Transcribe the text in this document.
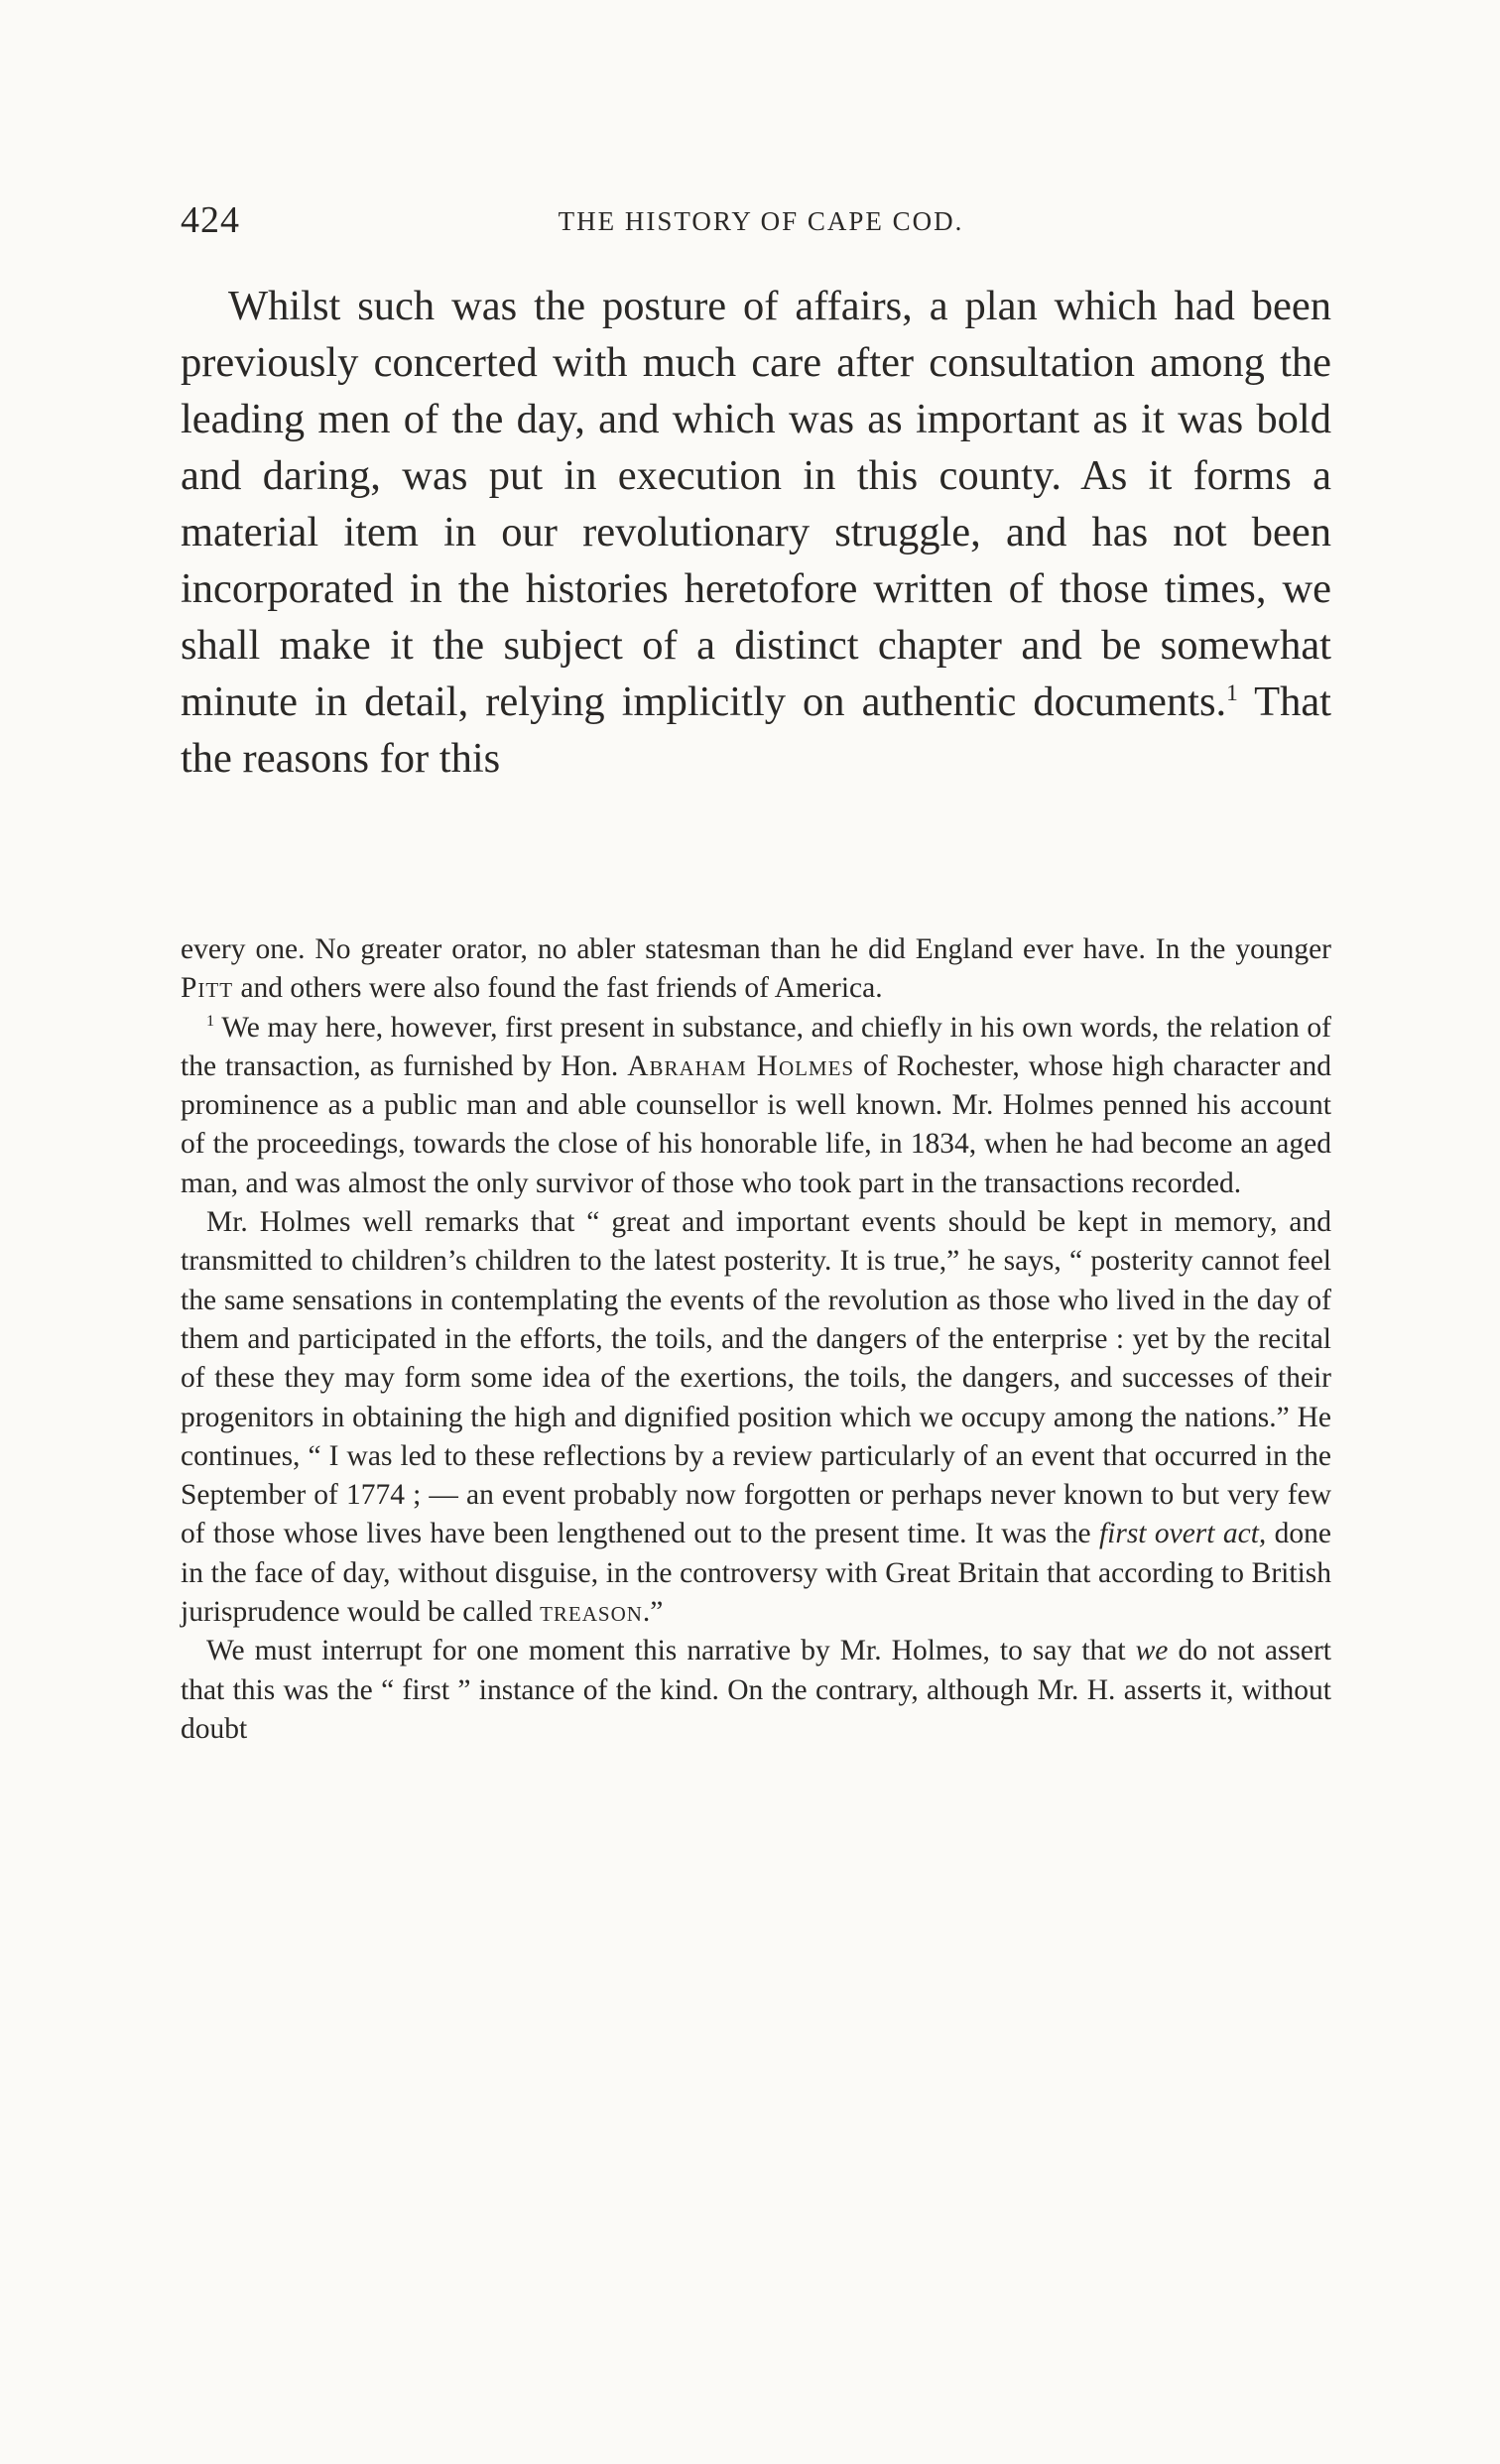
424	THE HISTORY OF CAPE COD.

Whilst such was the posture of affairs, a plan which had been previously concerted with much care after consultation among the leading men of the day, and which was as important as it was bold and daring, was put in execution in this county. As it forms a material item in our revolutionary struggle, and has not been incorporated in the histories heretofore written of those times, we shall make it the subject of a distinct chapter and be somewhat minute in detail, relying implicitly on authentic documents.$^1$ That the reasons for this

every one. No greater orator, no abler statesman than he did England ever have. In the younger Pitt and others were also found the fast friends of America.

$^1$ We may here, however, first present in substance, and chiefly in his own words, the relation of the transaction, as furnished by Hon. Abraham Holmes of Rochester, whose high character and prominence as a public man and able counsellor is well known. Mr. Holmes penned his account of the proceedings, towards the close of his honorable life, in 1834, when he had become an aged man, and was almost the only survivor of those who took part in the transactions recorded.

Mr. Holmes well remarks that “ great and important events should be kept in memory, and transmitted to children’s children to the latest posterity. It is true,” he says, “ posterity cannot feel the same sensations in contemplating the events of the revolution as those who lived in the day of them and participated in the efforts, the toils, and the dangers of the enterprise : yet by the recital of these they may form some idea of the exertions, the toils, the dangers, and successes of their progenitors in obtaining the high and dignified position which we occupy among the nations.” He continues, “ I was led to these reflections by a review particularly of an event that occurred in the September of 1774 ; — an event probably now forgotten or perhaps never known to but very few of those whose lives have been lengthened out to the present time. It was the first overt act, done in the face of day, without disguise, in the controversy with Great Britain that according to British jurisprudence would be called treason.”

We must interrupt for one moment this narrative by Mr. Holmes, to say that we do not assert that this was the “ first ” instance of the kind. On the contrary, although Mr. H. asserts it, without doubt
